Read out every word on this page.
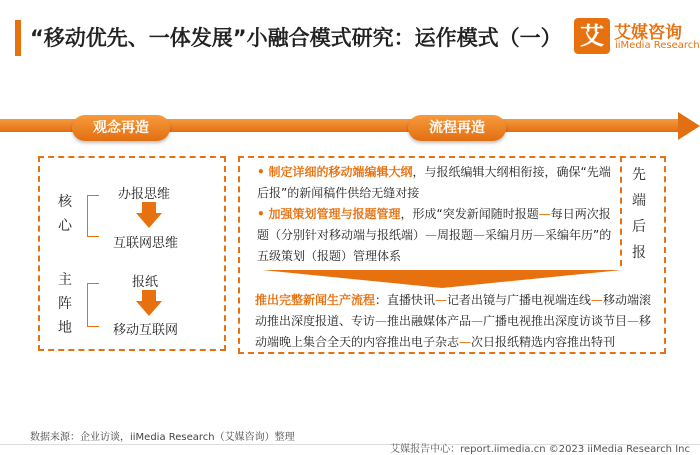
“移动优先、一体发展”小融合模式研究：运作模式（一） 艾 艾媒咨询
iiMedia Research
观念再造
核心
办报思维
互联网思维
主阵地
报纸
移动互联网
流程再造
• 制定详细的移动端编辑大纲，与报纸编辑大纲相衔接，确保“先端后报”的新闻稿件供给无缝对接
• 加强策划管理与报题管理，形成“突发新闻随时报题—每日两次报题（分别针对移动端与报纸端）—周报题—采编月历—采编年历”的五级策划（报题）管理体系
先端后报
推出完整新闻生产流程：直播快讯—记者出镜与广播电视端连线—移动端滚动推出深度报道、专访—推出融媒体产品—广播电视推出深度访谈节目—移动端晚上集合全天的内容推出电子杂志—次日报纸精选内容推出特刊
数据来源：企业访谈，iiMedia Research（艾媒咨询）整理
艾媒报告中心：report.iimedia.cn ©2023 iiMedia Research Inc
